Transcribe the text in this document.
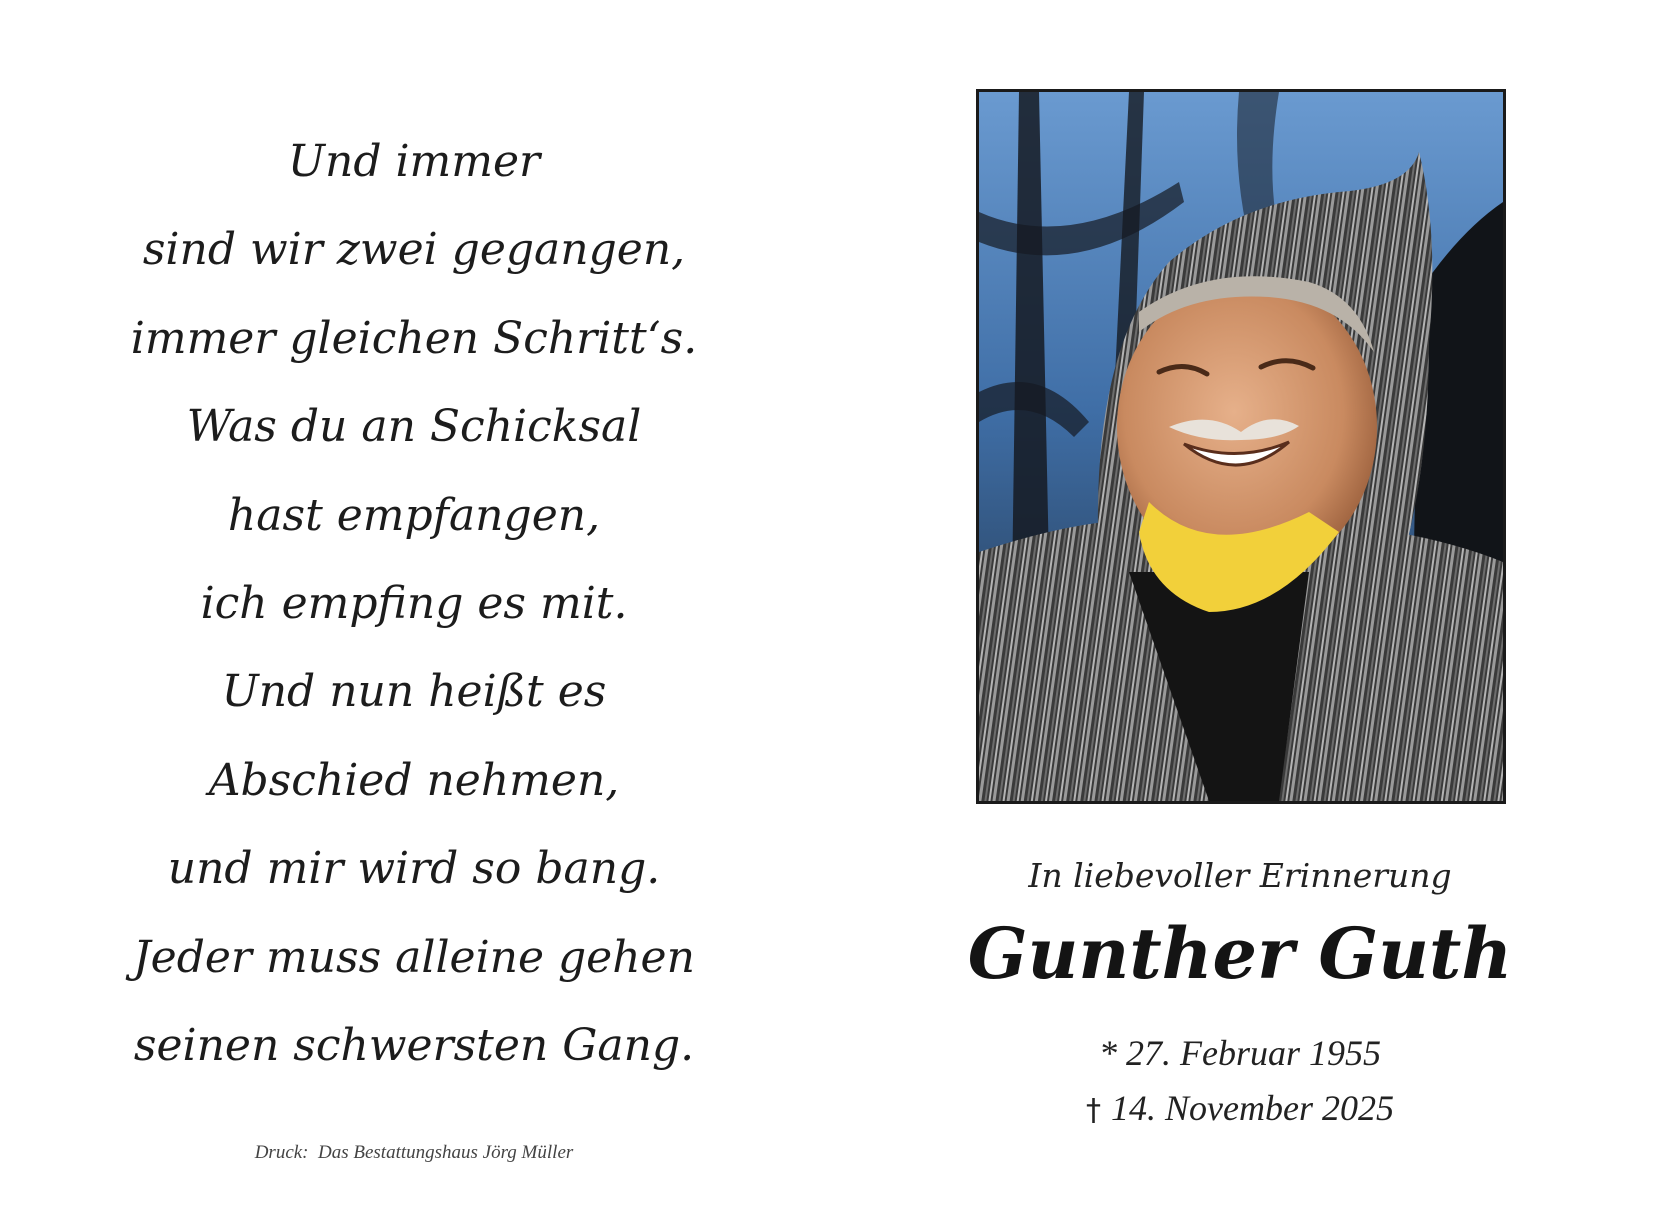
Und immer
sind wir zwei gegangen,
immer gleichen Schritt‘s.
Was du an Schicksal
hast empfangen,
ich empfing es mit.
Und nun heißt es
Abschied nehmen,
und mir wird so bang.
Jeder muss alleine gehen
seinen schwersten Gang.
Druck:  Das Bestattungshaus Jörg Müller
In liebevoller Erinnerung
Gunther Guth
* 27. Februar 1955
† 14. November 2025
